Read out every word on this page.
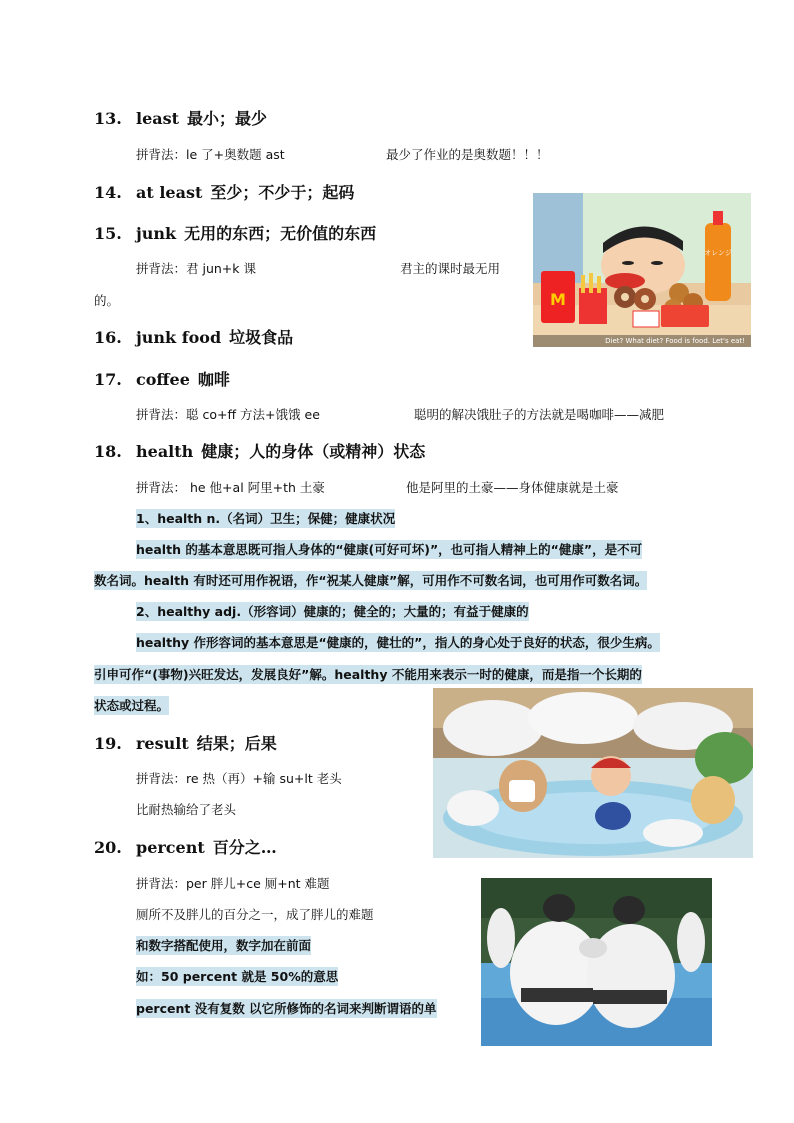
13. least 最小；最少
拼背法：le 了+奥数题 ast	最少了作业的是奥数题！！！
14. at least 至少；不少于；起码
15. junk 无用的东西；无价值的东西
拼背法：君 jun+k 课	君主的课时最无用
的。	M
オレンジ
Diet? What diet? Food is food. Let's eat!
16. junk food 垃圾食品
17. coffee 咖啡
拼背法：聪 co+ff 方法+饿饿 ee	聪明的解决饿肚子的方法就是喝咖啡——减肥
18. health 健康；人的身体（或精神）状态
拼背法： he 他+al 阿里+th 土豪	他是阿里的土豪——身体健康就是土豪
1、health n.（名词）卫生；保健；健康状况
health 的基本意思既可指人身体的“健康(可好可坏)”，也可指人精神上的“健康”，是不可
数名词。health 有时还可用作祝语，作“祝某人健康”解，可用作不可数名词，也可用作可数名词。
2、healthy adj.（形容词）健康的；健全的；大量的；有益于健康的
healthy 作形容词的基本意思是“健康的，健壮的”，指人的身心处于良好的状态，很少生病。
引申可作“(事物)兴旺发达，发展良好”解。healthy 不能用来表示一时的健康，而是指一个长期的
状态或过程。
19. result 结果；后果
拼背法：re 热（再）+输 su+lt 老头
比耐热输给了老头
20. percent 百分之…
拼背法：per 胖儿+ce 厕+nt 难题
厕所不及胖儿的百分之一，成了胖儿的难题
和数字搭配使用，数字加在前面
如：50 percent 就是 50%的意思
percent 没有复数 以它所修饰的名词来判断谓语的单
